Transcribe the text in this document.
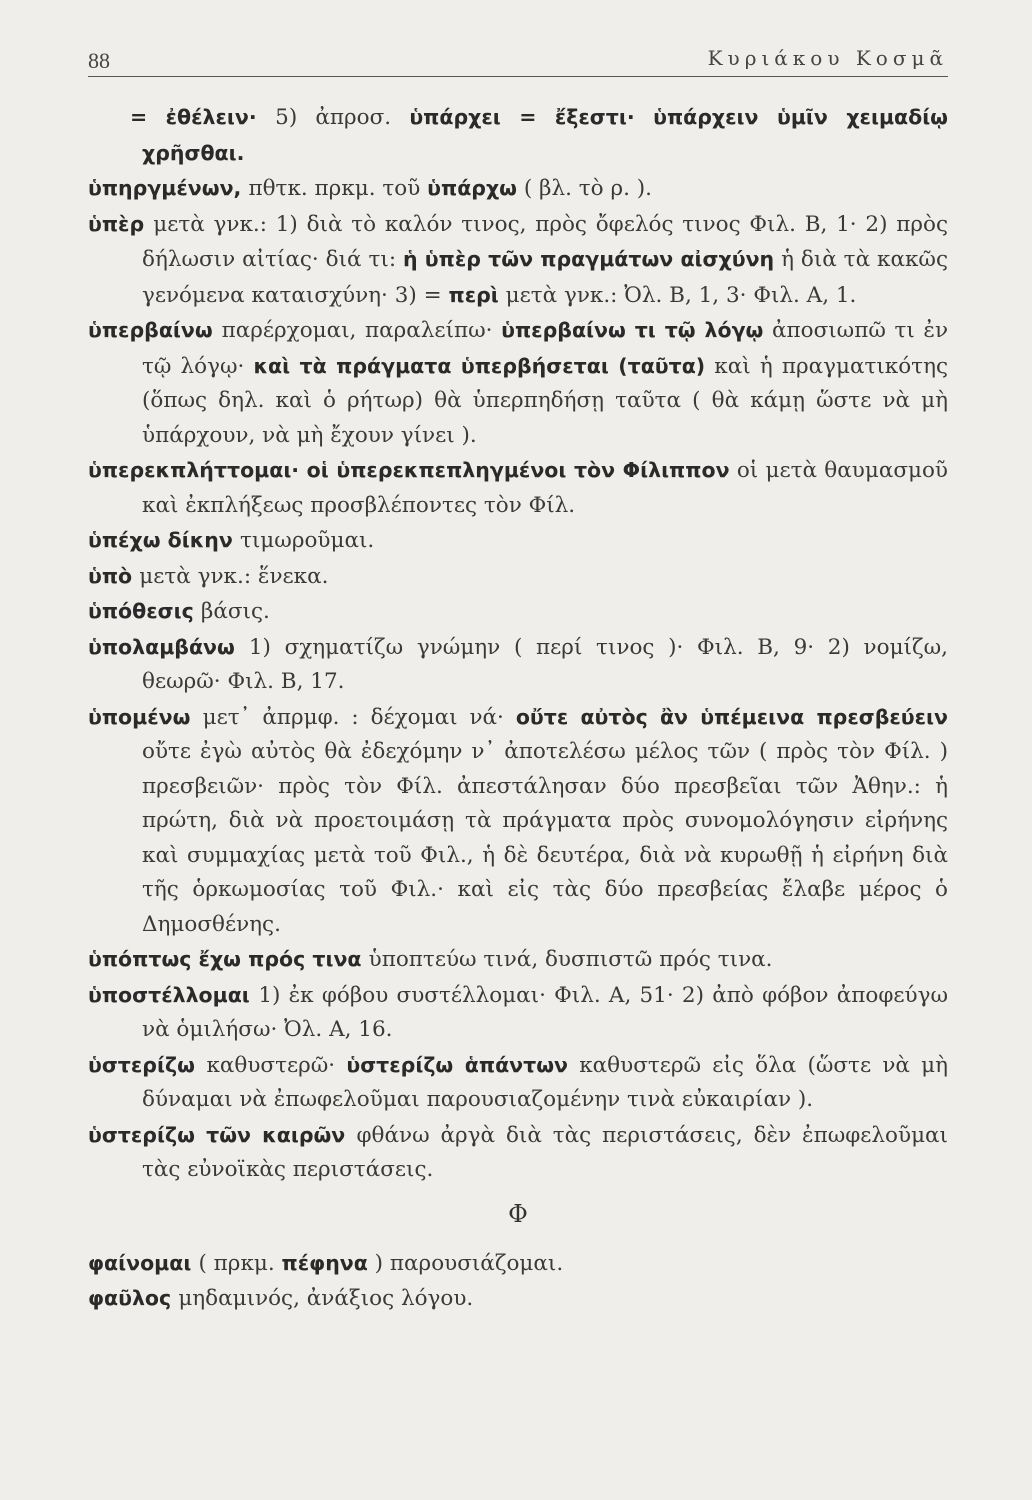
88	Κυριάκου Κοσμᾶ
= ἐθέλειν· 5) ἀπροσ. ὑπάρχει = ἔξεστι· ὑπάρχειν ὑμῖν χειμαδίῳ χρῆσθαι.
ὑπηργμένων, πθτκ. πρκμ. τοῦ ὑπάρχω ( βλ. τὸ ρ. ).
ὑπὲρ μετὰ γνκ.: 1) διὰ τὸ καλόν τινος, πρὸς ὄφελός τινος Φιλ. Β, 1· 2) πρὸς δήλωσιν αἰτίας· διά τι: ἡ ὑπὲρ τῶν πραγμάτων αἰσχύνη ἡ διὰ τὰ κακῶς γενόμενα καταισχύνη· 3) = περὶ μετὰ γνκ.: Ὀλ. Β, 1, 3· Φιλ. Α, 1.
ὑπερβαίνω παρέρχομαι, παραλείπω· ὑπερβαίνω τι τῷ λόγῳ ἀποσιωπῶ τι ἐν τῷ λόγῳ· καὶ τὰ πράγματα ὑπερβήσεται (ταῦτα) καὶ ἡ πραγματικότης (ὅπως δηλ. καὶ ὁ ρήτωρ) θὰ ὑπερπηδήσῃ ταῦτα ( θὰ κάμῃ ὥστε νὰ μὴ ὑπάρχουν, νὰ μὴ ἔχουν γίνει ).
ὑπερεκπλήττομαι· οἱ ὑπερεκπεπληγμένοι τὸν Φίλιππον οἱ μετὰ θαυμασμοῦ καὶ ἐκπλήξεως προσβλέποντες τὸν Φίλ.
ὑπέχω δίκην τιμωροῦμαι.
ὑπὸ μετὰ γνκ.: ἕνεκα.
ὑπόθεσις βάσις.
ὑπολαμβάνω 1) σχηματίζω γνώμην ( περί τινος )· Φιλ. Β, 9· 2) νομίζω, θεωρῶ· Φιλ. Β, 17.
ὑπομένω μετ᾽ ἀπρμφ. : δέχομαι νά· οὔτε αὐτὸς ἂν ὑπέμεινα πρεσβεύειν οὔτε ἐγὼ αὐτὸς θὰ ἐδεχόμην ν᾽ ἀποτελέσω μέλος τῶν ( πρὸς τὸν Φίλ. ) πρεσβειῶν· πρὸς τὸν Φίλ. ἀπεστάλησαν δύο πρεσβεῖαι τῶν Ἀθην.: ἡ πρώτη, διὰ νὰ προετοιμάσῃ τὰ πράγματα πρὸς συνομολόγησιν εἰρήνης καὶ συμμαχίας μετὰ τοῦ Φιλ., ἡ δὲ δευτέρα, διὰ νὰ κυρωθῇ ἡ εἰρήνη διὰ τῆς ὁρκωμοσίας τοῦ Φιλ.· καὶ εἰς τὰς δύο πρεσβείας ἔλαβε μέρος ὁ Δημοσθένης.
ὑπόπτως ἔχω πρός τινα ὑποπτεύω τινά, δυσπιστῶ πρός τινα.
ὑποστέλλομαι 1) ἐκ φόβου συστέλλομαι· Φιλ. Α, 51· 2) ἀπὸ φόβον ἀποφεύγω νὰ ὁμιλήσω· Ὀλ. Α, 16.
ὑστερίζω καθυστερῶ· ὑστερίζω ἁπάντων καθυστερῶ εἰς ὅλα (ὥστε νὰ μὴ δύναμαι νὰ ἐπωφελοῦμαι παρουσιαζομένην τινὰ εὐκαιρίαν ).
ὑστερίζω τῶν καιρῶν φθάνω ἀργὰ διὰ τὰς περιστάσεις, δὲν ἐπωφελοῦμαι τὰς εὐνοϊκὰς περιστάσεις.
Φ
φαίνομαι ( πρκμ. πέφηνα ) παρουσιάζομαι.
φαῦλος μηδαμινός, ἀνάξιος λόγου.
